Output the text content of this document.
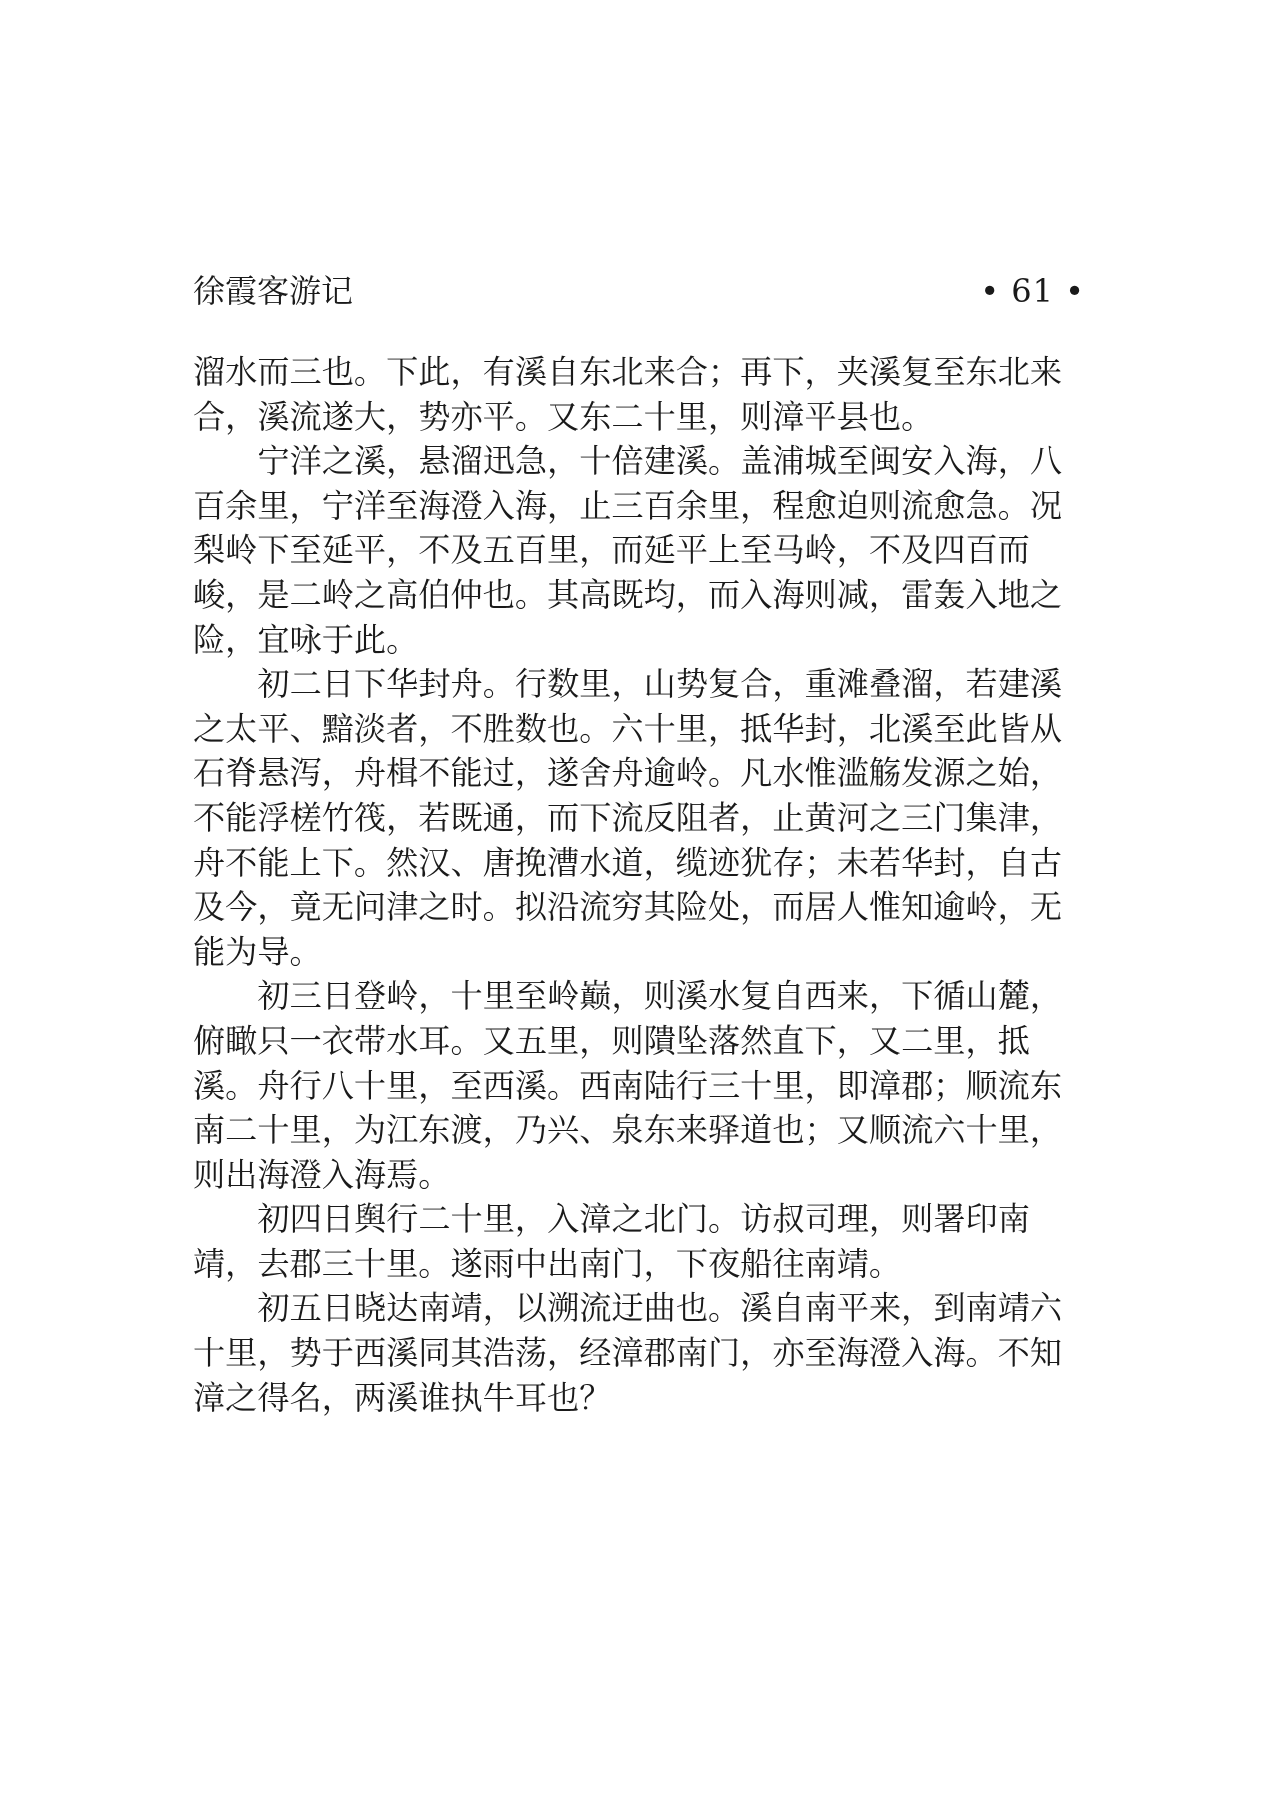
徐霞客游记	• 61 •

溜水而三也。下此，有溪自东北来合；再下，夹溪复至东北来合，溪流遂大，势亦平。又东二十里，则漳平县也。

宁洋之溪，悬溜迅急，十倍建溪。盖浦城至闽安入海，八百余里，宁洋至海澄入海，止三百余里，程愈迫则流愈急。况梨岭下至延平，不及五百里，而延平上至马岭，不及四百而峻，是二岭之高伯仲也。其高既均，而入海则减，雷轰入地之险，宜咏于此。

初二日下华封舟。行数里，山势复合，重滩叠溜，若建溪之太平、黯淡者，不胜数也。六十里，抵华封，北溪至此皆从石脊悬泻，舟楫不能过，遂舍舟逾岭。凡水惟滥觞发源之始，不能浮槎竹筏，若既通，而下流反阻者，止黄河之三门集津，舟不能上下。然汉、唐挽漕水道，缆迹犹存；未若华封，自古及今，竟无问津之时。拟沿流穷其险处，而居人惟知逾岭，无能为导。

初三日登岭，十里至岭巅，则溪水复自西来，下循山麓，俯瞰只一衣带水耳。又五里，则隤坠落然直下，又二里，抵溪。舟行八十里，至西溪。西南陆行三十里，即漳郡；顺流东南二十里，为江东渡，乃兴、泉东来驿道也；又顺流六十里，则出海澄入海焉。

初四日舆行二十里，入漳之北门。访叔司理，则署印南靖，去郡三十里。遂雨中出南门，下夜船往南靖。

初五日晓达南靖，以溯流迂曲也。溪自南平来，到南靖六十里，势于西溪同其浩荡，经漳郡南门，亦至海澄入海。不知漳之得名，两溪谁执牛耳也？
